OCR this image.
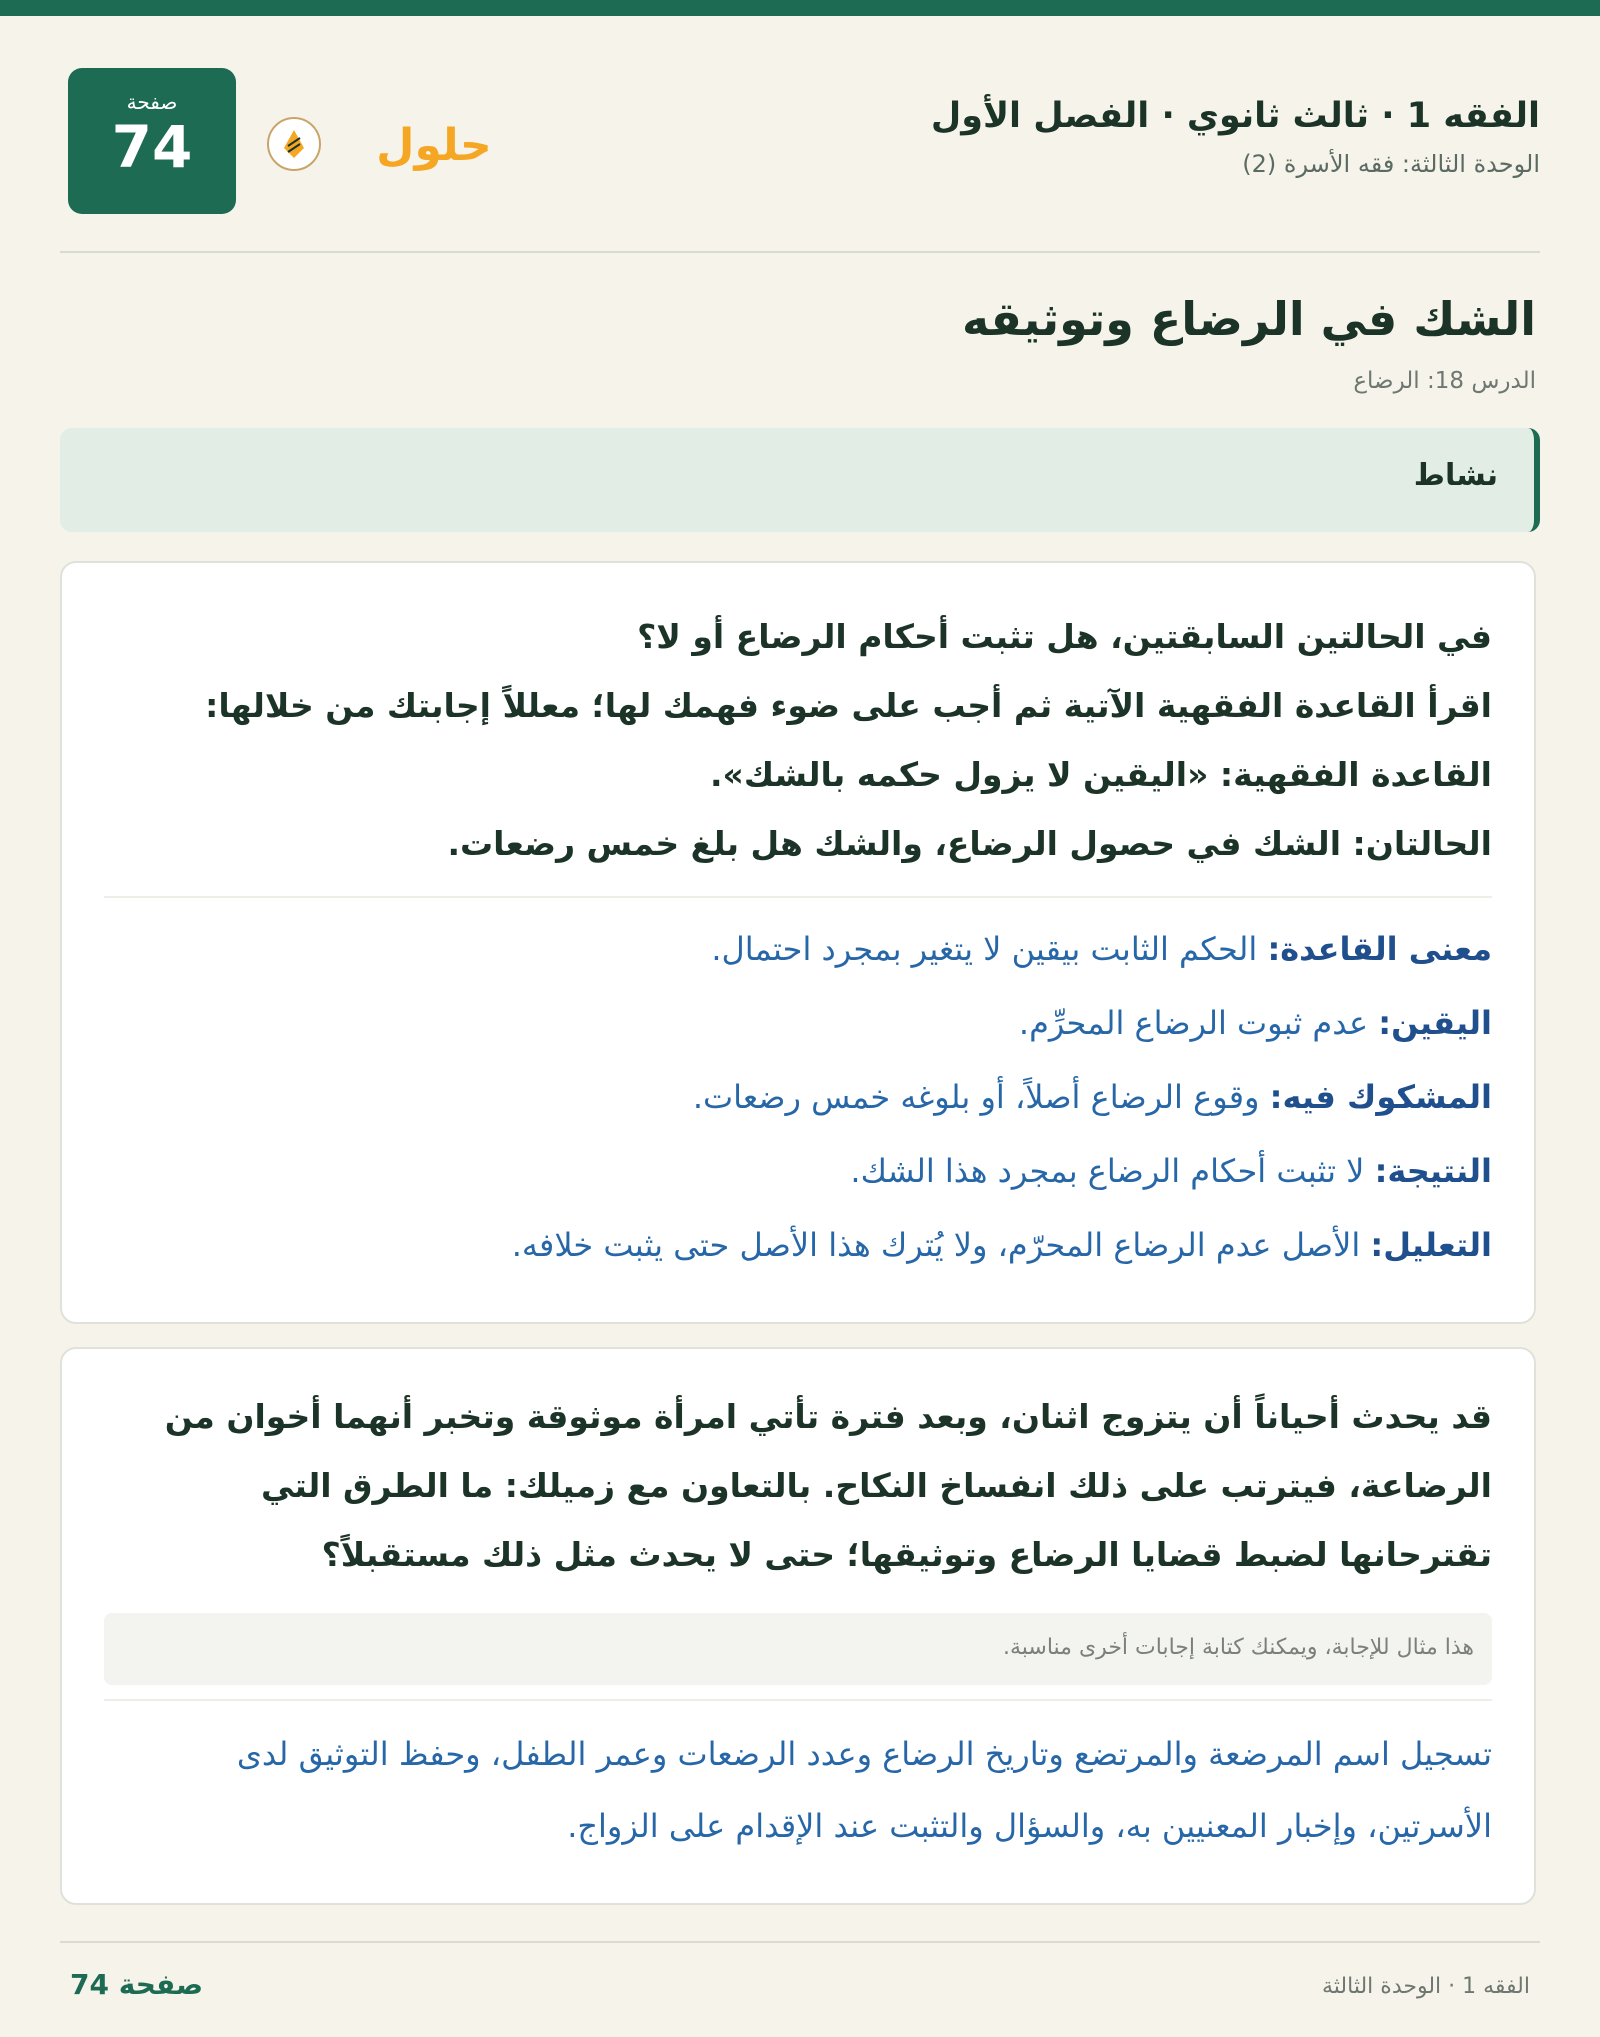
الفقه 1 · ثالث ثانوي · الفصل الأول
الوحدة الثالثة: فقه الأسرة (2)
حلول
صفحة
74
الشك في الرضاع وتوثيقه
الدرس 18: الرضاع
نشاط
في الحالتين السابقتين، هل تثبت أحكام الرضاع أو لا؟
اقرأ القاعدة الفقهية الآتية ثم أجب على ضوء فهمك لها؛ معللاً إجابتك من خلالها:
القاعدة الفقهية: «اليقين لا يزول حكمه بالشك».
الحالتان: الشك في حصول الرضاع، والشك هل بلغ خمس رضعات.
معنى القاعدة: الحكم الثابت بيقين لا يتغير بمجرد احتمال.
اليقين: عدم ثبوت الرضاع المحرِّم.
المشكوك فيه: وقوع الرضاع أصلاً، أو بلوغه خمس رضعات.
النتيجة: لا تثبت أحكام الرضاع بمجرد هذا الشك.
التعليل: الأصل عدم الرضاع المحرّم، ولا يُترك هذا الأصل حتى يثبت خلافه.
قد يحدث أحياناً أن يتزوج اثنان، وبعد فترة تأتي امرأة موثوقة وتخبر أنهما أخوان من
الرضاعة، فيترتب على ذلك انفساخ النكاح. بالتعاون مع زميلك: ما الطرق التي
تقترحانها لضبط قضايا الرضاع وتوثيقها؛ حتى لا يحدث مثل ذلك مستقبلاً؟
هذا مثال للإجابة، ويمكنك كتابة إجابات أخرى مناسبة.
تسجيل اسم المرضعة والمرتضع وتاريخ الرضاع وعدد الرضعات وعمر الطفل، وحفظ التوثيق لدى
الأسرتين، وإخبار المعنيين به، والسؤال والتثبت عند الإقدام على الزواج.
صفحة 74	الفقه 1 · الوحدة الثالثة
